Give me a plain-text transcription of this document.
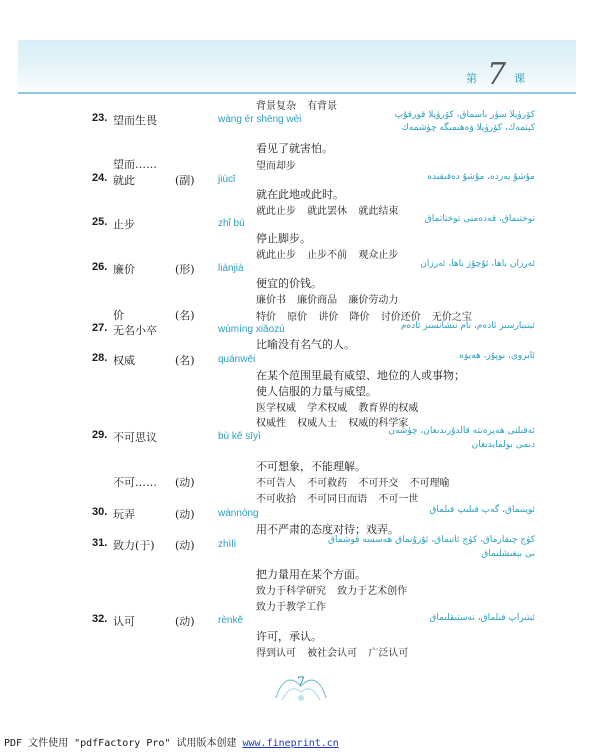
第 7 课
背景复杂 有背景
23. 望而生畏	wàng ér shēng wèi	كۆرۈپلا سۈر باسماق، كۆرۈپلا قورقۇپ
كېتمەك، كۆرۈپلا ۋەھىمىگە چۈشمەك
看见了就害怕。
望而……	望而却步
24. 就此	(副) jiùcǐ	مۇشۇ يەردە، مۇشۇ دەقىقىدە
就在此地或此时。
就此止步 就此罢休 就此结束
25. 止步	zhǐ bù	توختىماق، قەدەمنى توختاتماق
停止脚步。
就此止步 止步不前 观众止步
26. 廉价	(形) liánjià	ئەرزان باھا، ئۇچۇز باھا، ئەرزان
便宜的价钱。
廉价书 廉价商品 廉价劳动力
价	(名)	特价 原价 讲价 降价 讨价还价 无价之宝
27. 无名小卒	wúmíng xiǎozú	ئېتىبارسىز ئادەم، نام نىشانسىز ئادەم
比喻没有名气的人。
28. 权威	(名) quánwēi	ئابروي، نوپۇز، ھەيۋە
在某个范围里最有威望、地位的人或事物；
使人信服的力量与威望。
医学权威 学术权威 教育界的权威
权威性 权威人士 权威的科学家
29. 不可思议	bù kě sīyì	ئەقىلنى ھەيرەتتە قالدۇرىدىغان، چۈشەن
دىمى بولمايدىغان
不可想象，不能理解。
不可…… (动)	不可告人 不可救药 不可开交 不可理喻
不可收拾 不可同日而语 不可一世
30. 玩弄	(动) wánnòng	ئوينىماق، گەپ قىلىپ قىلماق
用不严肃的态度对待；戏弄。
31. 致力(于) (动) zhìlì	كۈچ چىقارماق، كۈچ ئاتىماق، ئۇرۇنماق ھەسسە قوشماق
نى بېغىشلىماق
把力量用在某个方面。
致力于科学研究 致力于艺术创作
致力于教学工作
32. 认可	(动) rènkě	ئېتىراپ قىلماق، تەستىقلىماق
许可，承认。
得到认可 被社会认可 广泛认可
7
PDF 文件使用 "pdfFactory Pro" 试用版本创建 www.fineprint.cn
